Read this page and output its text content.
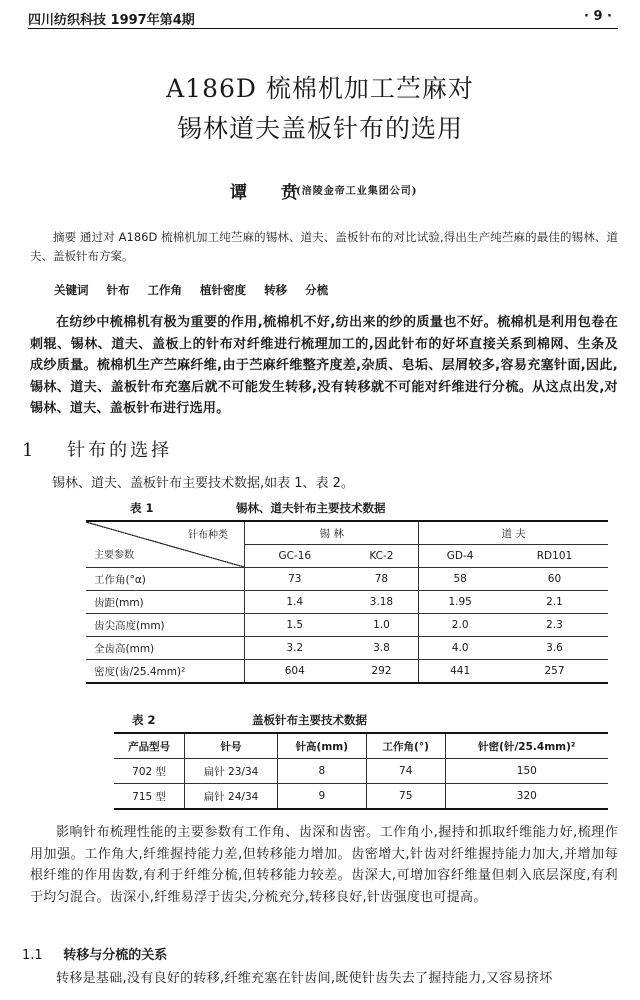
四川纺织科技 1997年第4期	· 9 ·
A186D 梳棉机加工苎麻对
锡林道夫盖板针布的选用
谭 贲
(涪陵金帝工业集团公司)
摘要 通过对 A186D 梳棉机加工纯苎麻的锡林、道夫、盖板针布的对比试验,得出生产纯苎麻的最佳的锡林、道夫、盖板针布方案。
关键词 针布 工作角 植针密度 转移 分梳
在纺纱中梳棉机有极为重要的作用,梳棉机不好,纺出来的纱的质量也不好。梳棉机是利用包卷在刺辊、锡林、道夫、盖板上的针布对纤维进行梳理加工的,因此针布的好坏直接关系到棉网、生条及成纱质量。梳棉机生产苎麻纤维,由于苎麻纤维整齐度差,杂质、皂垢、层屑较多,容易充塞针面,因此,锡林、道夫、盖板针布充塞后就不可能发生转移,没有转移就不可能对纤维进行分梳。从这点出发,对锡林、道夫、盖板针布进行选用。
1 针布的选择
锡林、道夫、盖板针布主要技术数据,如表 1、表 2。
表 1	锡林、道夫针布主要技术数据
针布种类
主要参数	锡 林		道 夫	
	GC-16	KC-2	GD-4	RD101
工作角(°α)	73	78	58	60
齿距(mm)	1.4	3.18	1.95	2.1
齿尖高度(mm)	1.5	1.0	2.0	2.3
全齿高(mm)	3.2	3.8	4.0	3.6
密度(齿/25.4mm)²	604	292	441	257
表 2	盖板针布主要技术数据
产品型号	针号	针高(mm)	工作角(°)	针密(针/25.4mm)²
702 型	扁针 23/34	8	74	150
715 型	扁针 24/34	9	75	320
影响针布梳理性能的主要参数有工作角、齿深和齿密。工作角小,握持和抓取纤维能力好,梳理作用加强。工作角大,纤维握持能力差,但转移能力增加。齿密增大,针齿对纤维握持能力加大,并增加每根纤维的作用齿数,有利于纤维分梳,但转移能力较差。齿深大,可增加容纤维量但刺入底层深度,有利于均匀混合。齿深小,纤维易浮于齿尖,分梳充分,转移良好,针齿强度也可提高。
1.1 转移与分梳的关系
转移是基础,没有良好的转移,纤维充塞在针齿间,既使针齿失去了握持能力,又容易挤坏
